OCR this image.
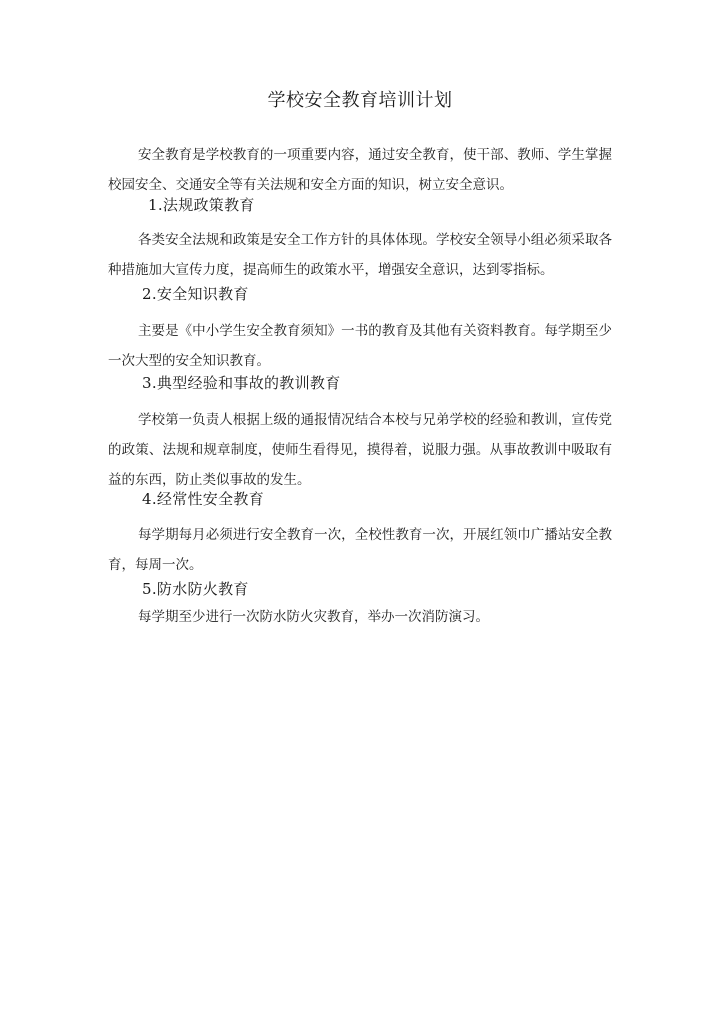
学校安全教育培训计划

安全教育是学校教育的一项重要内容，通过安全教育，使干部、教师、学生掌握校园安全、交通安全等有关法规和安全方面的知识，树立安全意识。

1.法规政策教育

各类安全法规和政策是安全工作方针的具体体现。学校安全领导小组必须采取各种措施加大宣传力度，提高师生的政策水平，增强安全意识，达到零指标。

2.安全知识教育

主要是《中小学生安全教育须知》一书的教育及其他有关资料教育。每学期至少一次大型的安全知识教育。

3.典型经验和事故的教训教育

学校第一负责人根据上级的通报情况结合本校与兄弟学校的经验和教训，宣传党的政策、法规和规章制度，使师生看得见，摸得着，说服力强。从事故教训中吸取有益的东西，防止类似事故的发生。

4.经常性安全教育

每学期每月必须进行安全教育一次，全校性教育一次，开展红领巾广播站安全教育，每周一次。

5.防水防火教育

每学期至少进行一次防水防火灾教育，举办一次消防演习。
